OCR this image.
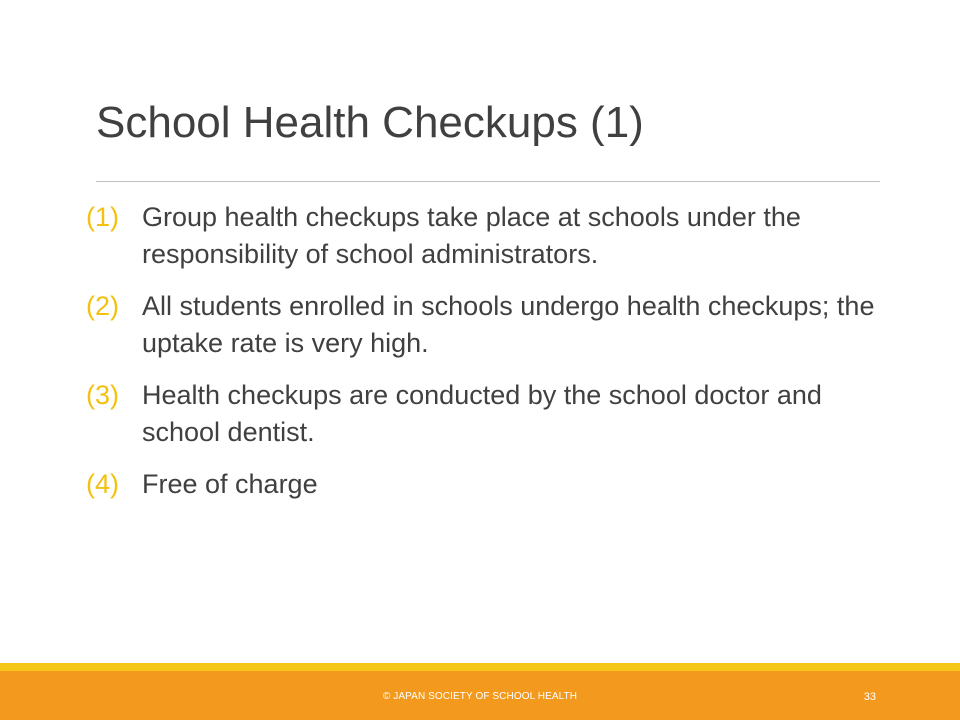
School Health Checkups (1)
(1) Group health checkups take place at schools under the responsibility of school administrators.
(2) All students enrolled in schools undergo health checkups; the uptake rate is very high.
(3) Health checkups are conducted by the school doctor and school dentist.
(4) Free of charge
© JAPAN SOCIETY OF SCHOOL HEALTH	33
